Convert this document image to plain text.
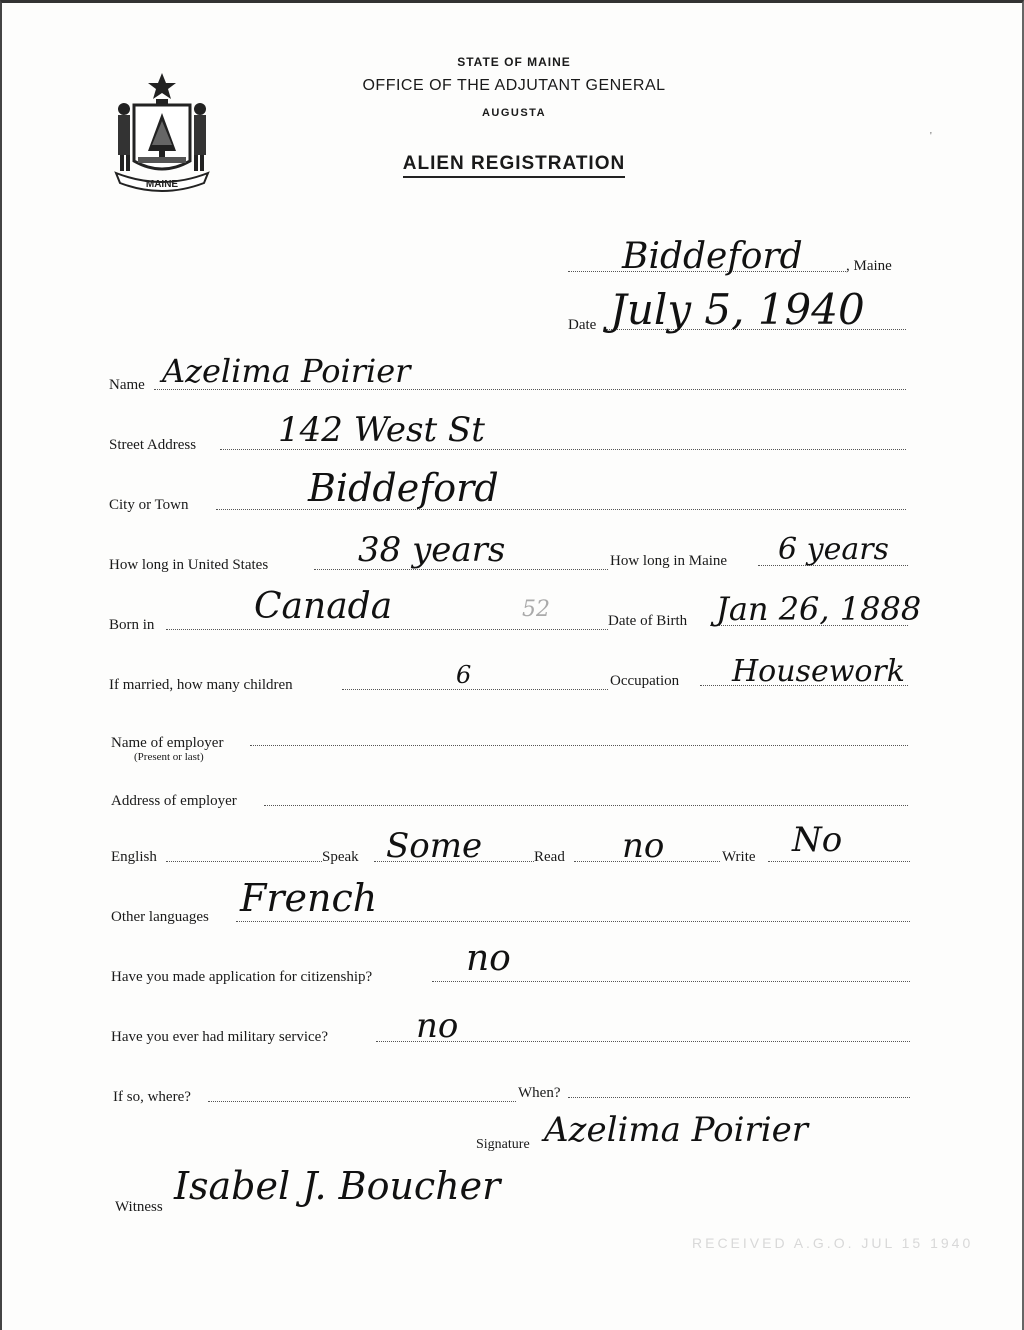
MAINE
STATE OF MAINE
OFFICE OF THE ADJUTANT GENERAL
AUGUSTA
ALIEN REGISTRATION
'
Biddeford	, Maine
Date July 5, 1940
Name Azelima Poirier
Street Address 142 West St
City or Town	Biddeford
How long in United States	38 years	How long in Maine 6 years
Born in	Canada	52	Date of Birth Jan 26, 1888
If married, how many children	6	Occupation Housework
Name of employer
(Present or last)
Address of employer
English	Speak Some	Read no	Write No
Other languages French
Have you made application for citizenship?	no
Have you ever had military service?	no
If so, where?	When?
Signature Azelima Poirier
Witness Isabel J. Boucher
RECEIVED A.G.O. JUL 15 1940
